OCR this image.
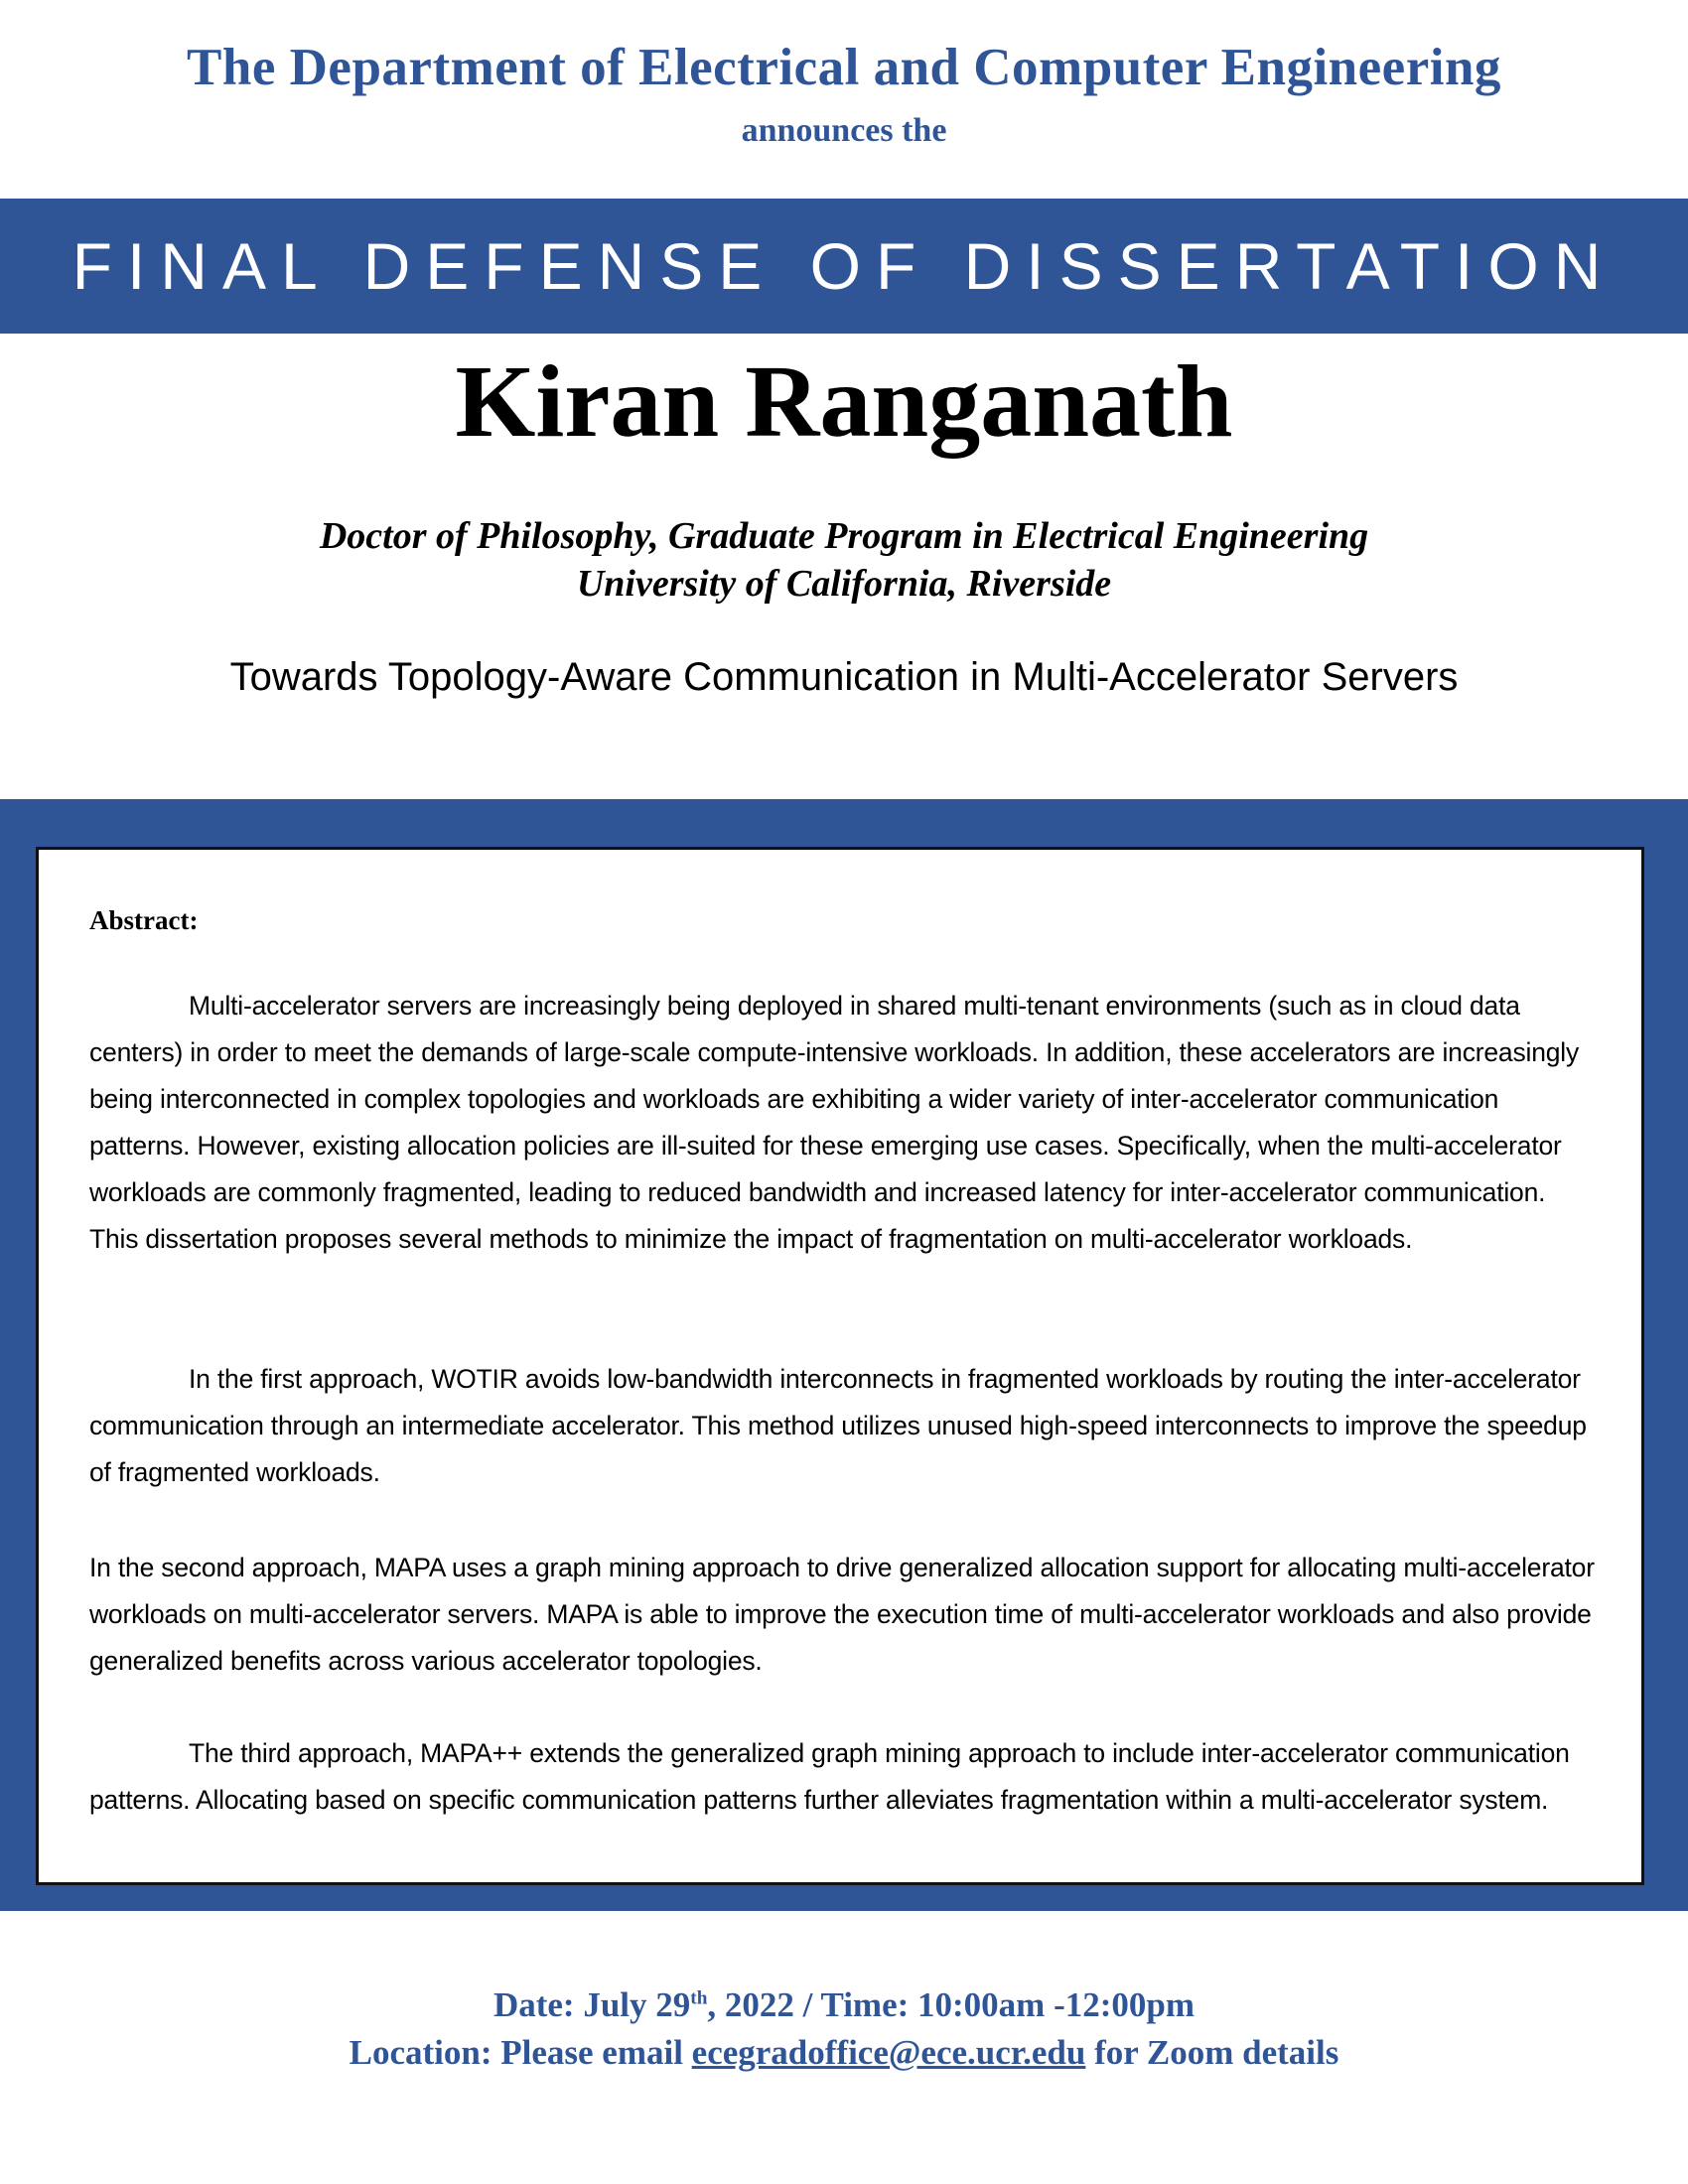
The Department of Electrical and Computer Engineering
announces the
FINAL DEFENSE OF DISSERTATION
Kiran Ranganath
Doctor of Philosophy, Graduate Program in Electrical Engineering
University of California, Riverside
Towards Topology-Aware Communication in Multi-Accelerator Servers
Abstract:

Multi-accelerator servers are increasingly being deployed in shared multi-tenant environments (such as in cloud data centers) in order to meet the demands of large-scale compute-intensive workloads. In addition, these accelerators are increasingly being interconnected in complex topologies and workloads are exhibiting a wider variety of inter-accelerator communication patterns. However, existing allocation policies are ill-suited for these emerging use cases. Specifically, when the multi-accelerator workloads are commonly fragmented, leading to reduced bandwidth and increased latency for inter-accelerator communication. This dissertation proposes several methods to minimize the impact of fragmentation on multi-accelerator workloads.

In the first approach, WOTIR avoids low-bandwidth interconnects in fragmented workloads by routing the inter-accelerator communication through an intermediate accelerator. This method utilizes unused high-speed interconnects to improve the speedup of fragmented workloads.

In the second approach, MAPA uses a graph mining approach to drive generalized allocation support for allocating multi-accelerator workloads on multi-accelerator servers. MAPA is able to improve the execution time of multi-accelerator workloads and also provide generalized benefits across various accelerator topologies.

The third approach, MAPA++ extends the generalized graph mining approach to include inter-accelerator communication patterns. Allocating based on specific communication patterns further alleviates fragmentation within a multi-accelerator system.

Date: July 29th, 2022 / Time: 10:00am -12:00pm
Location: Please email ecegradoffice@ece.ucr.edu for Zoom details
